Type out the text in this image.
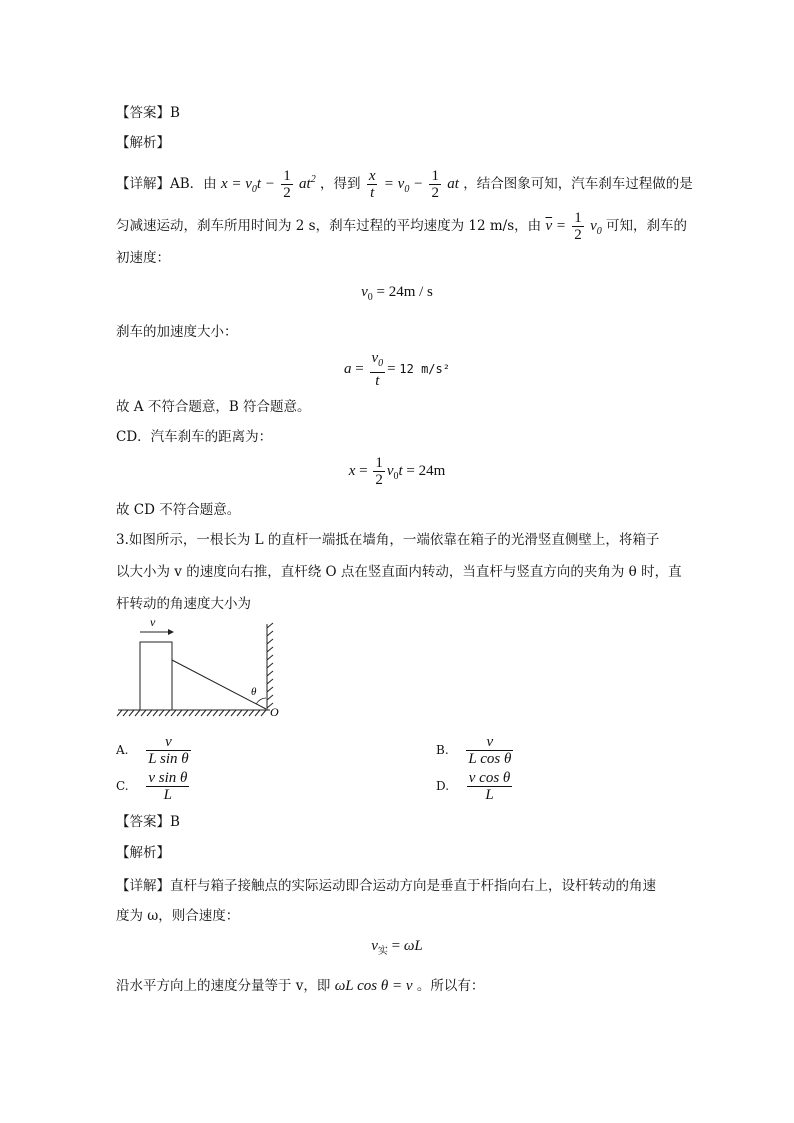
【答案】B
【解析】
【详解】AB．由 $x = v_0t - \frac{1}{2} at^2$ ，得到 $\frac{x}{t} = v_0 - \frac{1}{2}$ at ，结合图象可知，汽车刹车过程做的是
匀减速运动，刹车所用时间为 2 s，刹车过程的平均速度为 12 m/s，由 $\overline{v} = \frac{1}{2} v_0$ 可知，刹车的
初速度：
$v_0 = 24m / s$
刹车的加速度大小：
$a = \frac{v_0}{t} = 12$ m/s²
故 A 不符合题意，B 符合题意。
CD．汽车刹车的距离为：
$x = \frac{1}{2} v_0t = 24m$
故 CD 不符合题意。
3.如图所示，一根长为 L 的直杆一端抵在墙角，一端依靠在箱子的光滑竖直侧壁上，将箱子
以大小为 v 的速度向右推，直杆绕 O 点在竖直面内转动，当直杆与竖直方向的夹角为 θ 时，直
杆转动的角速度大小为
v
θ
O
A. $\frac{v}{\text{L sin θ}}$	B. $\frac{v}{\text{L cos θ}}$
C. $\frac{\text{v sin θ}}{L}$	D. $\frac{\text{v cos θ}}{L}$
【答案】B
【解析】
【详解】直杆与箱子接触点的实际运动即合运动方向是垂直于杆指向右上，设杆转动的角速
度为 ω，则合速度：
$v_实 = \omega L$
沿水平方向上的速度分量等于 v，即 ωL cos θ = v 。所以有：
